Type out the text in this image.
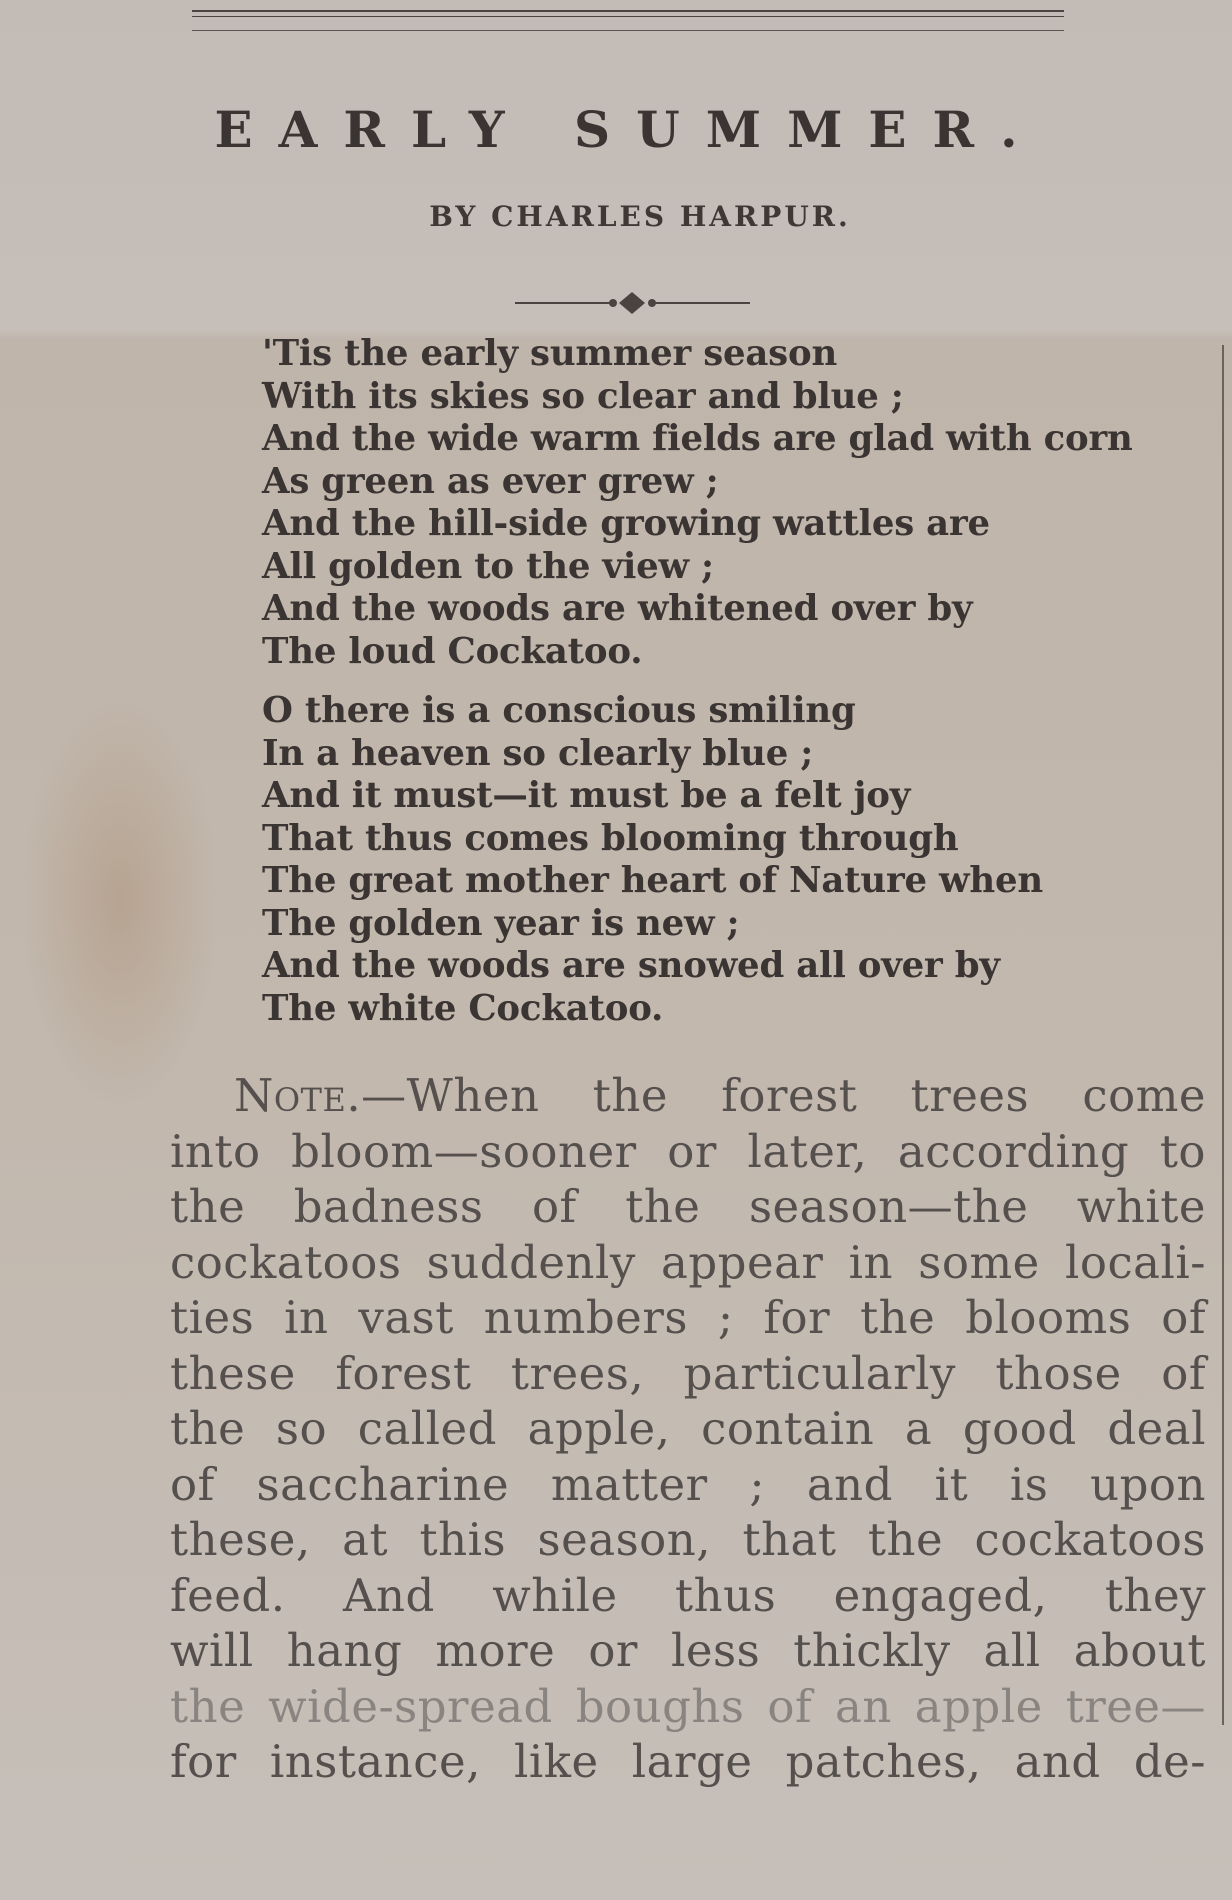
EARLY SUMMER.
BY CHARLES HARPUR.
'Tis the early summer season
With its skies so clear and blue ;
And the wide warm fields are glad with corn
As green as ever grew ;
And the hill-side growing wattles are
All golden to the view ;
And the woods are whitened over by
The loud Cockatoo.
O there is a conscious smiling
In a heaven so clearly blue ;
And it must—it must be a felt joy
That thus comes blooming through
The great mother heart of Nature when
The golden year is new ;
And the woods are snowed all over by
The white Cockatoo.
Note.—When the forest trees come
into bloom—sooner or later, according to
the badness of the season—the white
cockatoos suddenly appear in some locali-
ties in vast numbers ; for the blooms of
these forest trees, particularly those of
the so called apple, contain a good deal
of saccharine matter ; and it is upon
these, at this season, that the cockatoos
feed. And while thus engaged, they
will hang more or less thickly all about
the wide-spread boughs of an apple tree—
for instance, like large patches, and de-
